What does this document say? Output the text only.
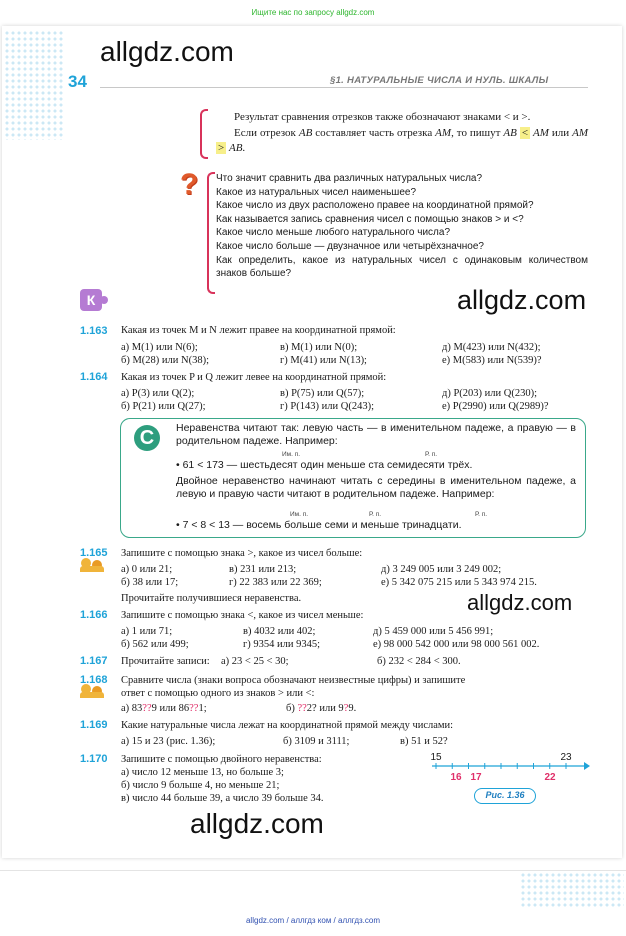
Ищите нас по запросу allgdz.com
34	§1. НАТУРАЛЬНЫЕ ЧИСЛА И НУЛЬ. ШКАЛЫ

Результат сравнения отрезков также обозначают знаками < и >.

Если отрезок AB составляет часть отрезка AM, то пишут AB < AM или AM > AB.

? Что значит сравнить два различных натуральных числа?
Какое из натуральных чисел наименьшее?
Какое число из двух расположено правее на координатной прямой?
Как называется запись сравнения чисел с помощью знаков > и <?
Какое число меньше любого натурального числа?
Какое число больше — двузначное или четырёхзначное?
Как определить, какое из натуральных чисел с одинаковым количеством знаков больше?
К
1.163 Какая из точек M и N лежит правее на координатной прямой:
а) M(1) или N(6);	в) M(1) или N(0);	д) M(423) или N(432);
б) M(28) или N(38);	г) M(41) или N(13);	е) M(583) или N(539)?
1.164 Какая из точек P и Q лежит левее на координатной прямой:
а) P(3) или Q(2);	в) P(75) или Q(57);	д) P(203) или Q(230);
б) P(21) или Q(27);	г) P(143) или Q(243);	е) P(2990) или Q(2989)?
С	Неравенства читают так: левую часть — в именительном падеже, а правую — в родительном падеже. Например:
Им. п.	Р. п.
• 61 < 173 — шестьдесят один меньше ста семидесяти трёх.
Двойное неравенство начинают читать с середины в именительном падеже, а левую и правую части читают в родительном падеже. Например:
Им. п.	Р. п.	Р. п.
• 7 < 8 < 13 — восемь больше семи и меньше тринадцати.
1.165 Запишите с помощью знака >, какое из чисел больше:
а) 0 или 21;	в) 231 или 213;	д) 3 249 005 или 3 249 002;
б) 38 или 17;	г) 22 383 или 22 369;	е) 5 342 075 215 или 5 343 974 215.
Прочитайте получившиеся неравенства.
1.166 Запишите с помощью знака <, какое из чисел меньше:
а) 1 или 71;	в) 4032 или 402;	д) 5 459 000 или 5 456 991;
б) 562 или 499;	г) 9354 или 9345;	е) 98 000 542 000 или 98 000 561 002.
1.167 Прочитайте записи: а) 23 < 25 < 30;	б) 232 < 284 < 300.
1.168 Сравните числа (знаки вопроса обозначают неизвестные цифры) и запишите
ответ с помощью одного из знаков > или <:
а) 83??9 или 86??1;	б) ??2? или 9?9.
1.169 Какие натуральные числа лежат на координатной прямой между числами:
а) 15 и 23 (рис. 1.36);	б) 3109 и 3111;	в) 51 и 52?
1.170 Запишите с помощью двойного неравенства:
а) число 12 меньше 13, но больше 3;
б) число 9 больше 4, но меньше 21;
в) число 44 больше 39, а число 39 больше 34.
15	23
16 17	22
Рис. 1.36
allgdz.com
allgdz.com
allgdz.com
allgdz.com
allgdz.com / аллгдз ком / аллгдз.com
